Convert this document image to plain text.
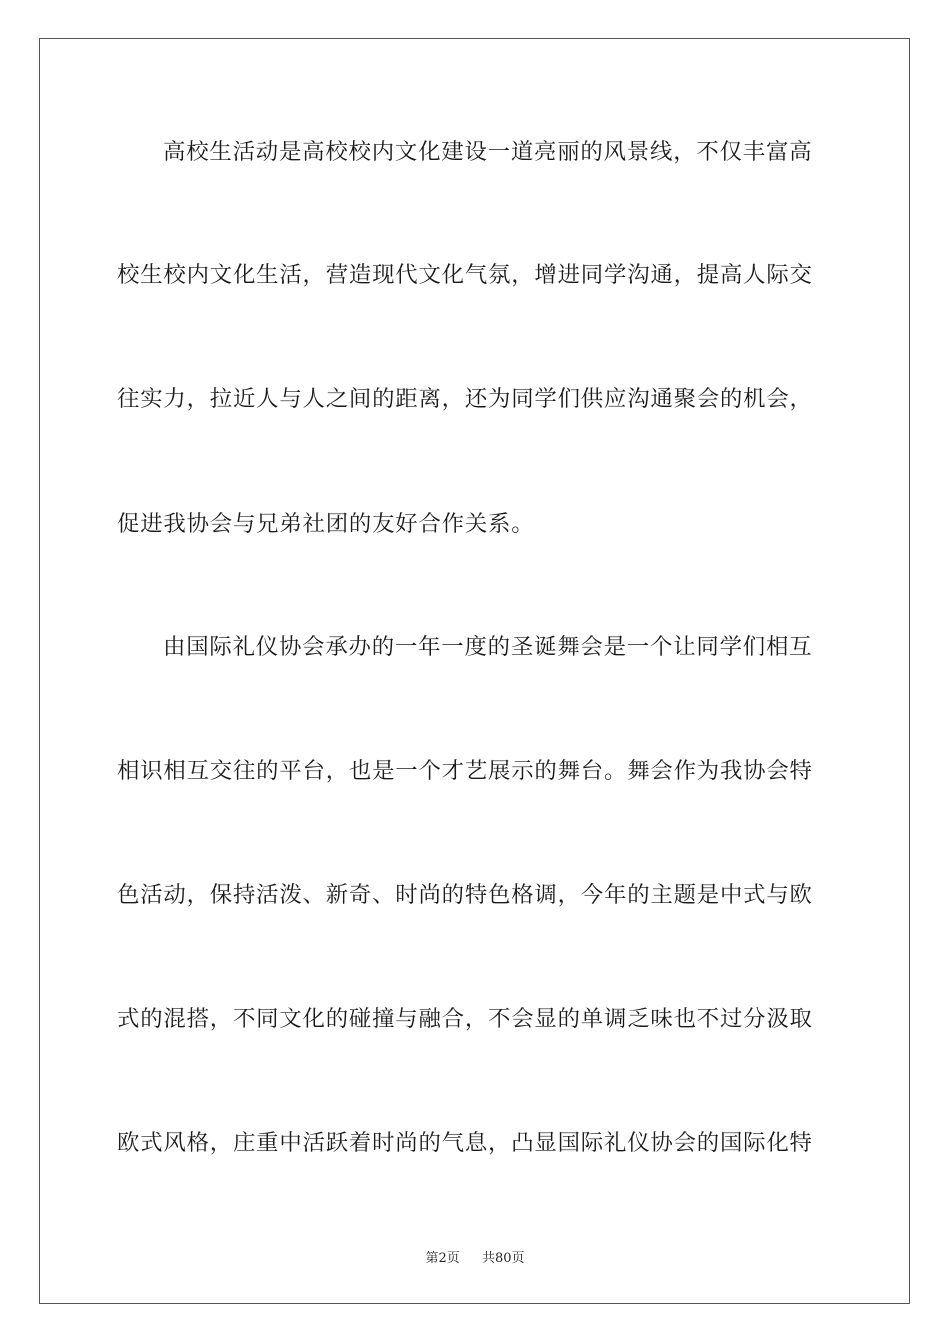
高校生活动是高校校内文化建设一道亮丽的风景线，不仅丰富高
校生校内文化生活，营造现代文化气氛，增进同学沟通，提高人际交
往实力，拉近人与人之间的距离，还为同学们供应沟通聚会的机会，
促进我协会与兄弟社团的友好合作关系。
由国际礼仪协会承办的一年一度的圣诞舞会是一个让同学们相互
相识相互交往的平台，也是一个才艺展示的舞台。舞会作为我协会特
色活动，保持活泼、新奇、时尚的特色格调，今年的主题是中式与欧
式的混搭，不同文化的碰撞与融合，不会显的单调乏味也不过分汲取
欧式风格，庄重中活跃着时尚的气息，凸显国际礼仪协会的国际化特
第2页 共80页
